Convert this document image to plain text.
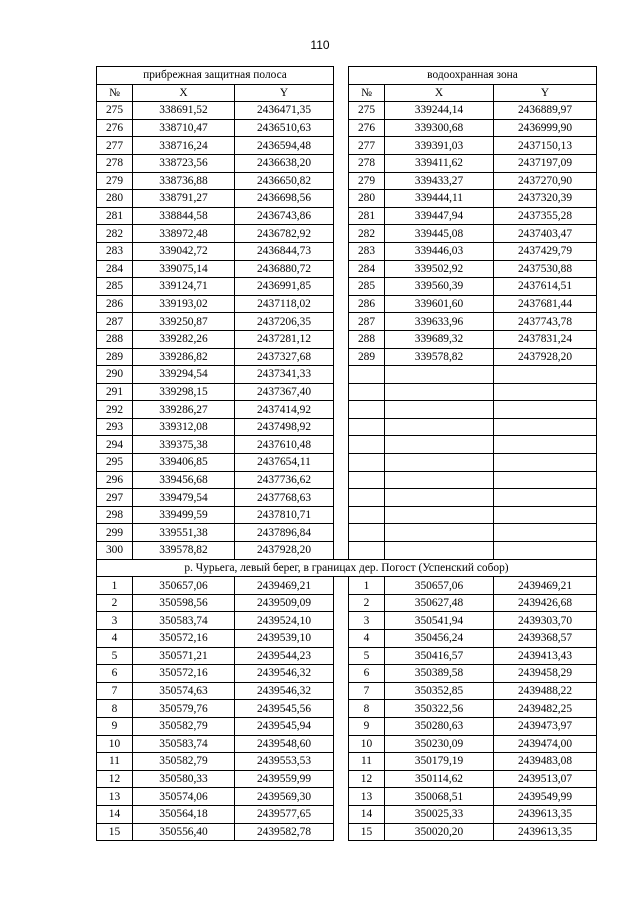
110
прибрежная защитная полоса				водоохранная зона		
№	X	Y		№	X	Y
275	338691,52	2436471,35		275	339244,14	2436889,97
276	338710,47	2436510,63		276	339300,68	2436999,90
277	338716,24	2436594,48		277	339391,03	2437150,13
278	338723,56	2436638,20		278	339411,62	2437197,09
279	338736,88	2436650,82		279	339433,27	2437270,90
280	338791,27	2436698,56		280	339444,11	2437320,39
281	338844,58	2436743,86		281	339447,94	2437355,28
282	338972,48	2436782,92		282	339445,08	2437403,47
283	339042,72	2436844,73		283	339446,03	2437429,79
284	339075,14	2436880,72		284	339502,92	2437530,88
285	339124,71	2436991,85		285	339560,39	2437614,51
286	339193,02	2437118,02		286	339601,60	2437681,44
287	339250,87	2437206,35		287	339633,96	2437743,78
288	339282,26	2437281,12		288	339689,32	2437831,24
289	339286,82	2437327,68		289	339578,82	2437928,20
290	339294,54	2437341,33				
291	339298,15	2437367,40				
292	339286,27	2437414,92				
293	339312,08	2437498,92				
294	339375,38	2437610,48				
295	339406,85	2437654,11				
296	339456,68	2437736,62				
297	339479,54	2437768,63				
298	339499,59	2437810,71				
299	339551,38	2437896,84				
300	339578,82	2437928,20				
р. Чурьега, левый берег, в границах дер. Погост (Успенский собор)						
1	350657,06	2439469,21		1	350657,06	2439469,21
2	350598,56	2439509,09		2	350627,48	2439426,68
3	350583,74	2439524,10		3	350541,94	2439303,70
4	350572,16	2439539,10		4	350456,24	2439368,57
5	350571,21	2439544,23		5	350416,57	2439413,43
6	350572,16	2439546,32		6	350389,58	2439458,29
7	350574,63	2439546,32		7	350352,85	2439488,22
8	350579,76	2439545,56		8	350322,56	2439482,25
9	350582,79	2439545,94		9	350280,63	2439473,97
10	350583,74	2439548,60		10	350230,09	2439474,00
11	350582,79	2439553,53		11	350179,19	2439483,08
12	350580,33	2439559,99		12	350114,62	2439513,07
13	350574,06	2439569,30		13	350068,51	2439549,99
14	350564,18	2439577,65		14	350025,33	2439613,35
15	350556,40	2439582,78		15	350020,20	2439613,35
